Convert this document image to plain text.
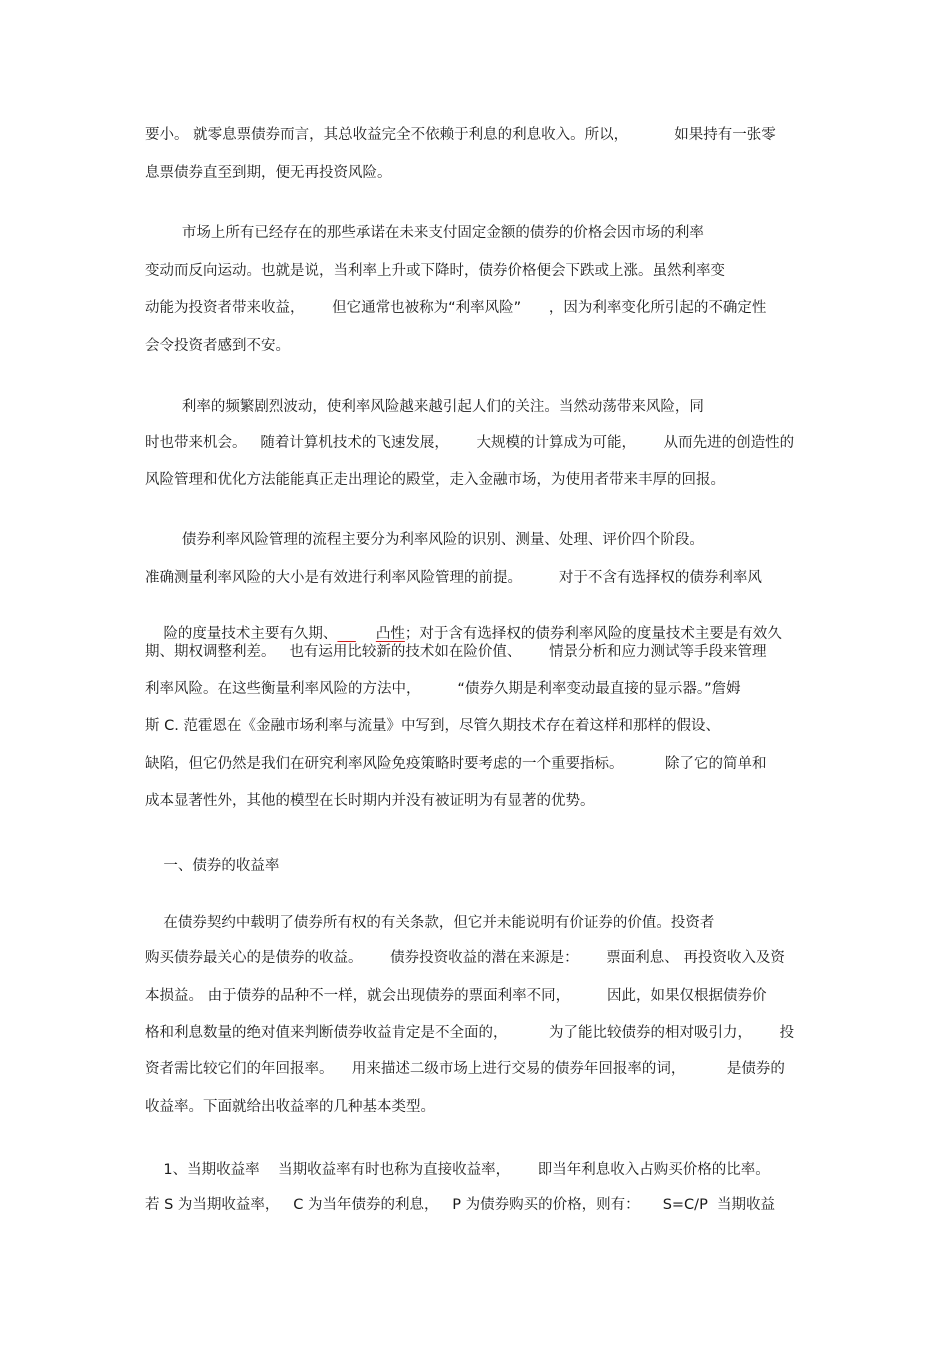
要小。 就零息票债券而言，其总收益完全不依赖于利息的利息收入。所以，          如果持有一张零
息票债券直至到期，便无再投资风险。
市场上所有已经存在的那些承诺在未来支付固定金额的债券的价格会因市场的利率
变动而反向运动。也就是说，当利率上升或下降时，债券价格便会下跌或上涨。虽然利率变
动能为投资者带来收益，      但它通常也被称为“利率风险”      ，因为利率变化所引起的不确定性
会令投资者感到不安。
利率的频繁剧烈波动，使利率风险越来越引起人们的关注。当然动荡带来风险，同
时也带来机会。   随着计算机技术的飞速发展，      大规模的计算成为可能，      从而先进的创造性的
风险管理和优化方法能能真正走出理论的殿堂，走入金融市场，为使用者带来丰厚的回报。
债券利率风险管理的流程主要分为利率风险的识别、测量、处理、评价四个阶段。
准确测量利率风险的大小是有效进行利率风险管理的前提。        对于不含有选择权的债券利率风

险的度量技术主要有久期、	凸性；对于含有选择权的债券利率风险的度量技术主要是有效久

期、期权调整利差。   也有运用比较新的技术如在险价值、      情景分析和应力测试等手段来管理
利率风险。在这些衡量利率风险的方法中，        “债券久期是利率变动最直接的显示器。”詹姆
斯 C. 范霍恩在《金融市场利率与流量》中写到，尽管久期技术存在着这样和那样的假设、
缺陷，但它仍然是我们在研究利率风险免疫策略时要考虑的一个重要指标。         除了它的简单和
成本显著性外，其他的模型在长时期内并没有被证明为有显著的优势。
一、债券的收益率
在债券契约中载明了债券所有权的有关条款，但它并未能说明有价证券的价值。投资者
购买债券最关心的是债券的收益。      债券投资收益的潜在来源是：      票面利息、 再投资收入及资
本损益。 由于债券的品种不一样，就会出现债券的票面利率不同，        因此，如果仅根据债券价
格和利息数量的绝对值来判断债券收益肯定是不全面的，         为了能比较债券的相对吸引力，      投
资者需比较它们的年回报率。    用来描述二级市场上进行交易的债券年回报率的词，         是债券的
收益率。下面就给出收益率的几种基本类型。
1、当期收益率    当期收益率有时也称为直接收益率，      即当年利息收入占购买价格的比率。
若 S 为当期收益率，   C 为当年债券的利息，   P 为债券购买的价格，则有：     S=C/P  当期收益
